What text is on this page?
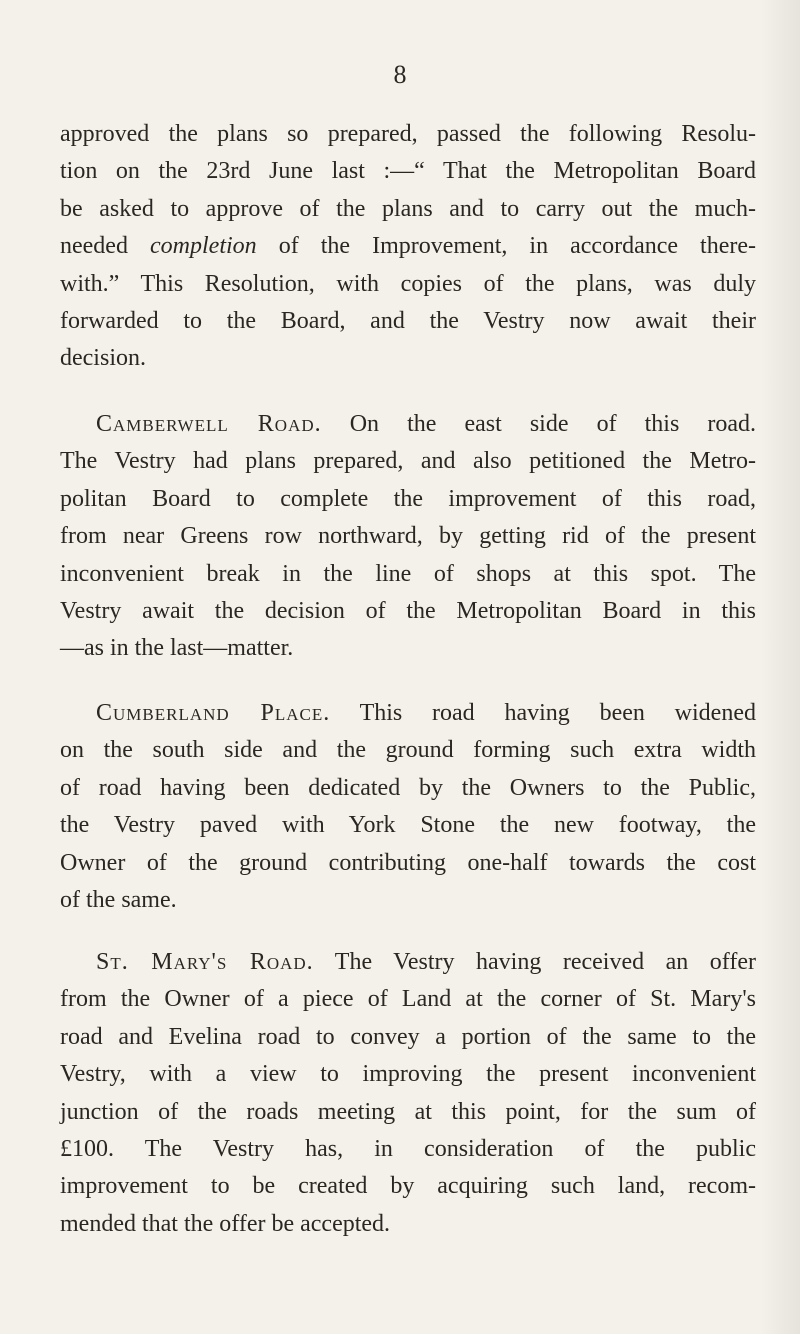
8
approved the plans so prepared, passed the following Resolu-
tion on the 23rd June last :—“ That the Metropolitan Board
be asked to approve of the plans and to carry out the much-
needed completion of the Improvement, in accordance there-
with.” This Resolution, with copies of the plans, was duly
forwarded to the Board, and the Vestry now await their
decision.
Camberwell Road. On the east side of this road.
The Vestry had plans prepared, and also petitioned the Metro-
politan Board to complete the improvement of this road,
from near Greens row northward, by getting rid of the present
inconvenient break in the line of shops at this spot. The
Vestry await the decision of the Metropolitan Board in this
—as in the last—matter.
Cumberland Place. This road having been widened
on the south side and the ground forming such extra width
of road having been dedicated by the Owners to the Public,
the Vestry paved with York Stone the new footway, the
Owner of the ground contributing one-half towards the cost
of the same.
St. Mary's Road. The Vestry having received an offer
from the Owner of a piece of Land at the corner of St. Mary's
road and Evelina road to convey a portion of the same to the
Vestry, with a view to improving the present inconvenient
junction of the roads meeting at this point, for the sum of
£100. The Vestry has, in consideration of the public
improvement to be created by acquiring such land, recom-
mended that the offer be accepted.
